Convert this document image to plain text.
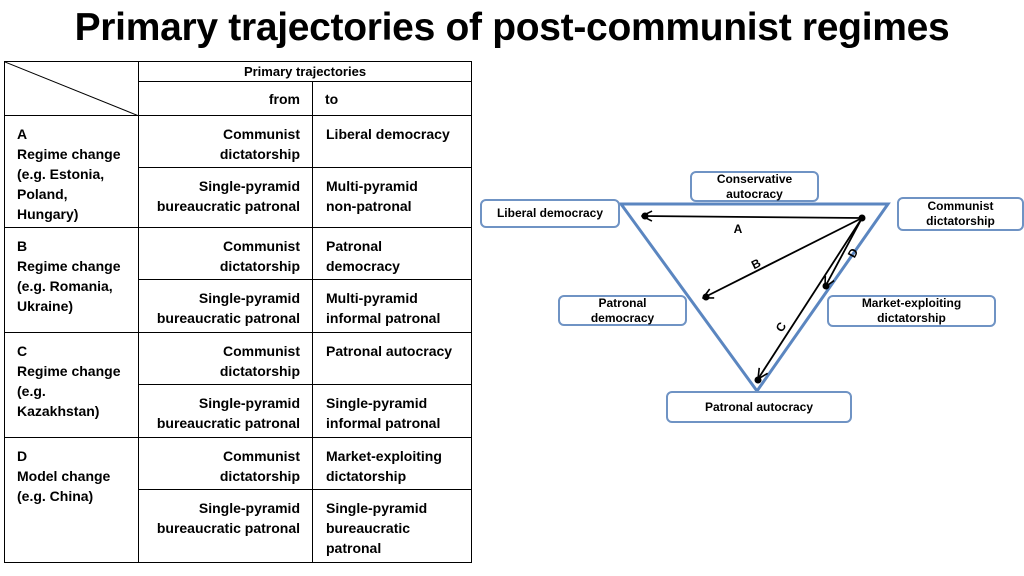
Primary trajectories of post-communist regimes
	Primary trajectories	
	from	to

A
Regime change
(e.g. Estonia,
Poland,
Hungary)	Communist
dictatorship	Liberal democracy

	Single-pyramid
bureaucratic patronal	Multi-pyramid
non-patronal

B
Regime change
(e.g. Romania,
Ukraine)	Communist
dictatorship	Patronal
democracy

	Single-pyramid
bureaucratic patronal	Multi-pyramid
informal patronal

C
Regime change
(e.g.
Kazakhstan)	Communist
dictatorship	Patronal autocracy

	Single-pyramid
bureaucratic patronal	Single-pyramid
informal patronal

D
Model change
(e.g. China)	Communist
dictatorship	Market-exploiting
dictatorship

	Single-pyramid
bureaucratic patronal	Single-pyramid
bureaucratic
patronal
A
B
C
D
Conservative
autocracy
Liberal democracy	Communist
dictatorship
Patronal
democracy
Market-exploiting
dictatorship
Patronal autocracy
